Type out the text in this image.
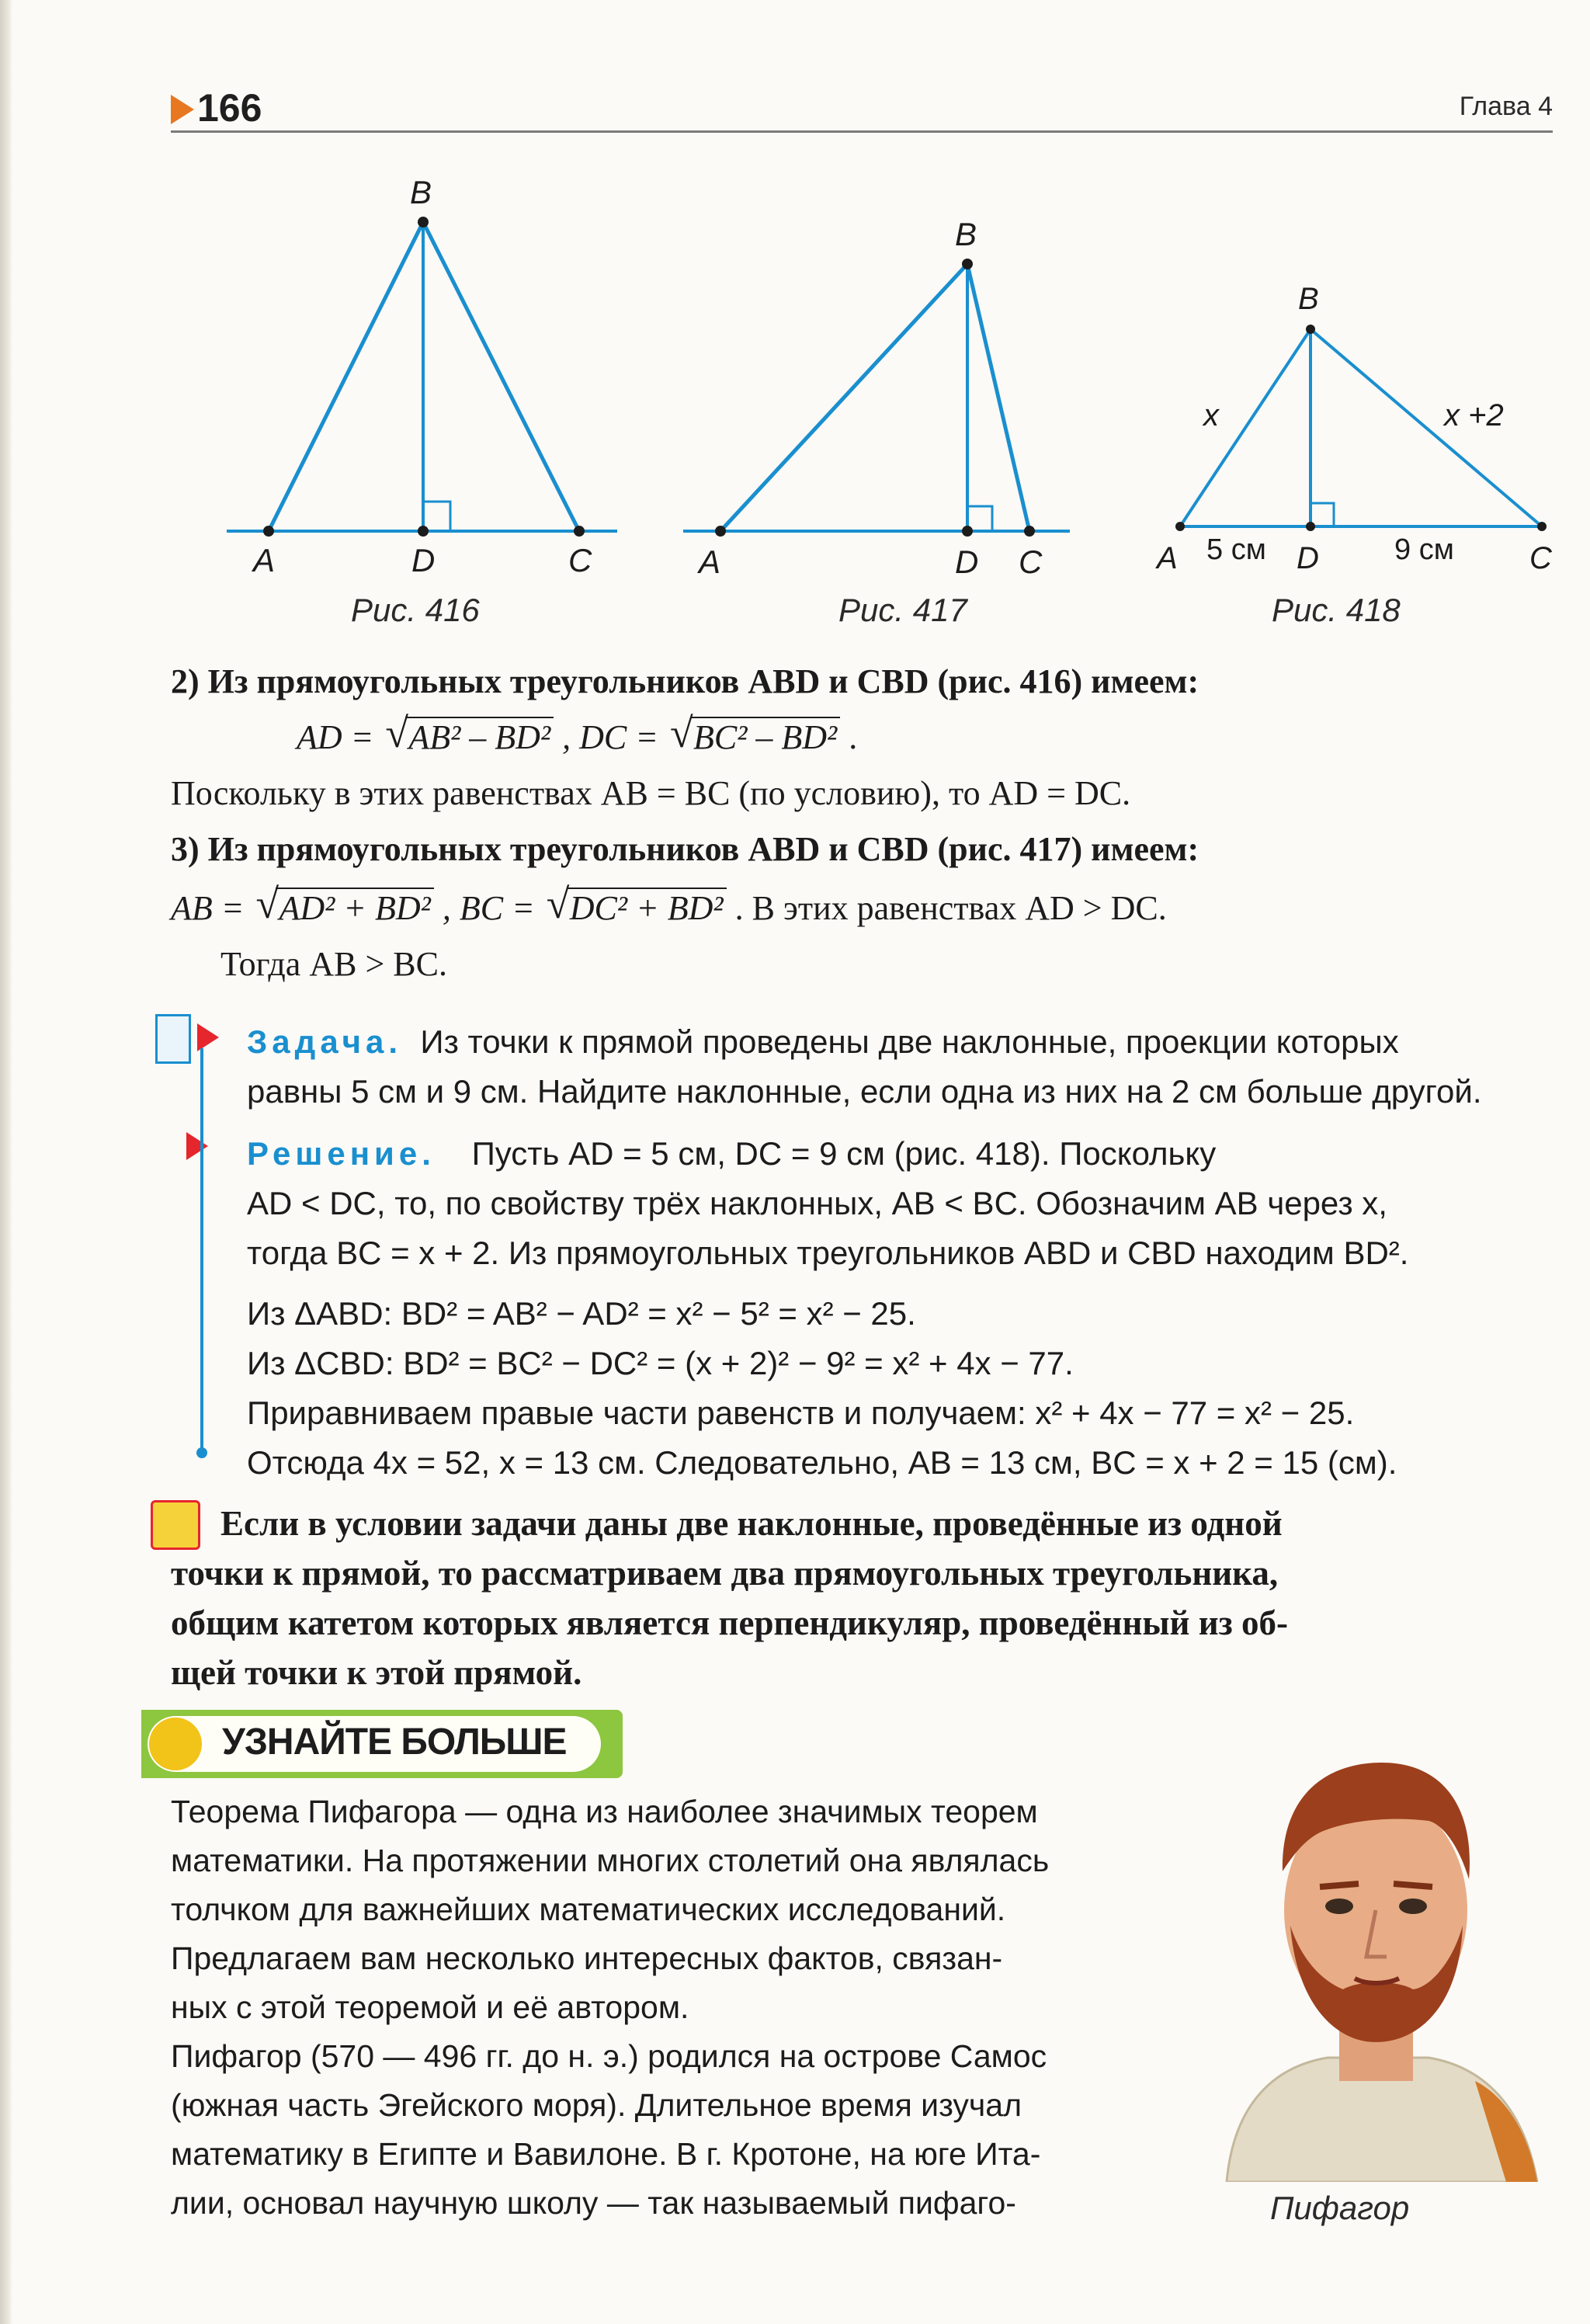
166	Глава 4
B
A	D	C
B
A	D C
B
A	D	C
x	x +2
5 см	9 см
Рис. 416	Рис. 417	Рис. 418
2) Из прямоугольных треугольников ABD и CBD (рис. 416) имеем:
AD = √ AB² – BD² , DC = √ BC² – BD² .
Поскольку в этих равенствах AB = BC (по условию), то AD = DC.
3) Из прямоугольных треугольников ABD и CBD (рис. 417) имеем:
AB = √ AD² + BD² , BC = √ DC² + BD² . В этих равенствах AD > DC.
Тогда AB > BC.
Задача. Из точки к прямой проведены две наклонные, проекции которых
равны 5 см и 9 см. Найдите наклонные, если одна из них на 2 см больше другой.
Решение. Пусть AD = 5 см, DC = 9 см (рис. 418). Поскольку
AD < DC, то, по свойству трёх наклонных, AB < BC. Обозначим AB через x,
тогда BC = x + 2. Из прямоугольных треугольников ABD и CBD находим BD².
Из ΔABD: BD² = AB² − AD² = x² − 5² = x² − 25.
Из ΔCBD: BD² = BC² − DC² = (x + 2)² − 9² = x² + 4x − 77.
Приравниваем правые части равенств и получаем: x² + 4x − 77 = x² − 25.
Отсюда 4x = 52, x = 13 см. Следовательно, AB = 13 см, BC = x + 2 = 15 (см).
Если в условии задачи даны две наклонные, проведённые из одной
точки к прямой, то рассматриваем два прямоугольных треугольника,
общим катетом которых является перпендикуляр, проведённый из об-
щей точки к этой прямой.
УЗНАЙТЕ БОЛЬШЕ
Теорема Пифагора — одна из наиболее значимых теорем
математики. На протяжении многих столетий она являлась
толчком для важнейших математических исследований.
Предлагаем вам несколько интересных фактов, связан-
ных с этой теоремой и её автором.
Пифагор (570 — 496 гг. до н. э.) родился на острове Самос
(южная часть Эгейского моря). Длительное время изучал
математику в Египте и Вавилоне. В г. Кротоне, на юге Ита-
лии, основал научную школу — так называемый пифаго-	Пифагор
